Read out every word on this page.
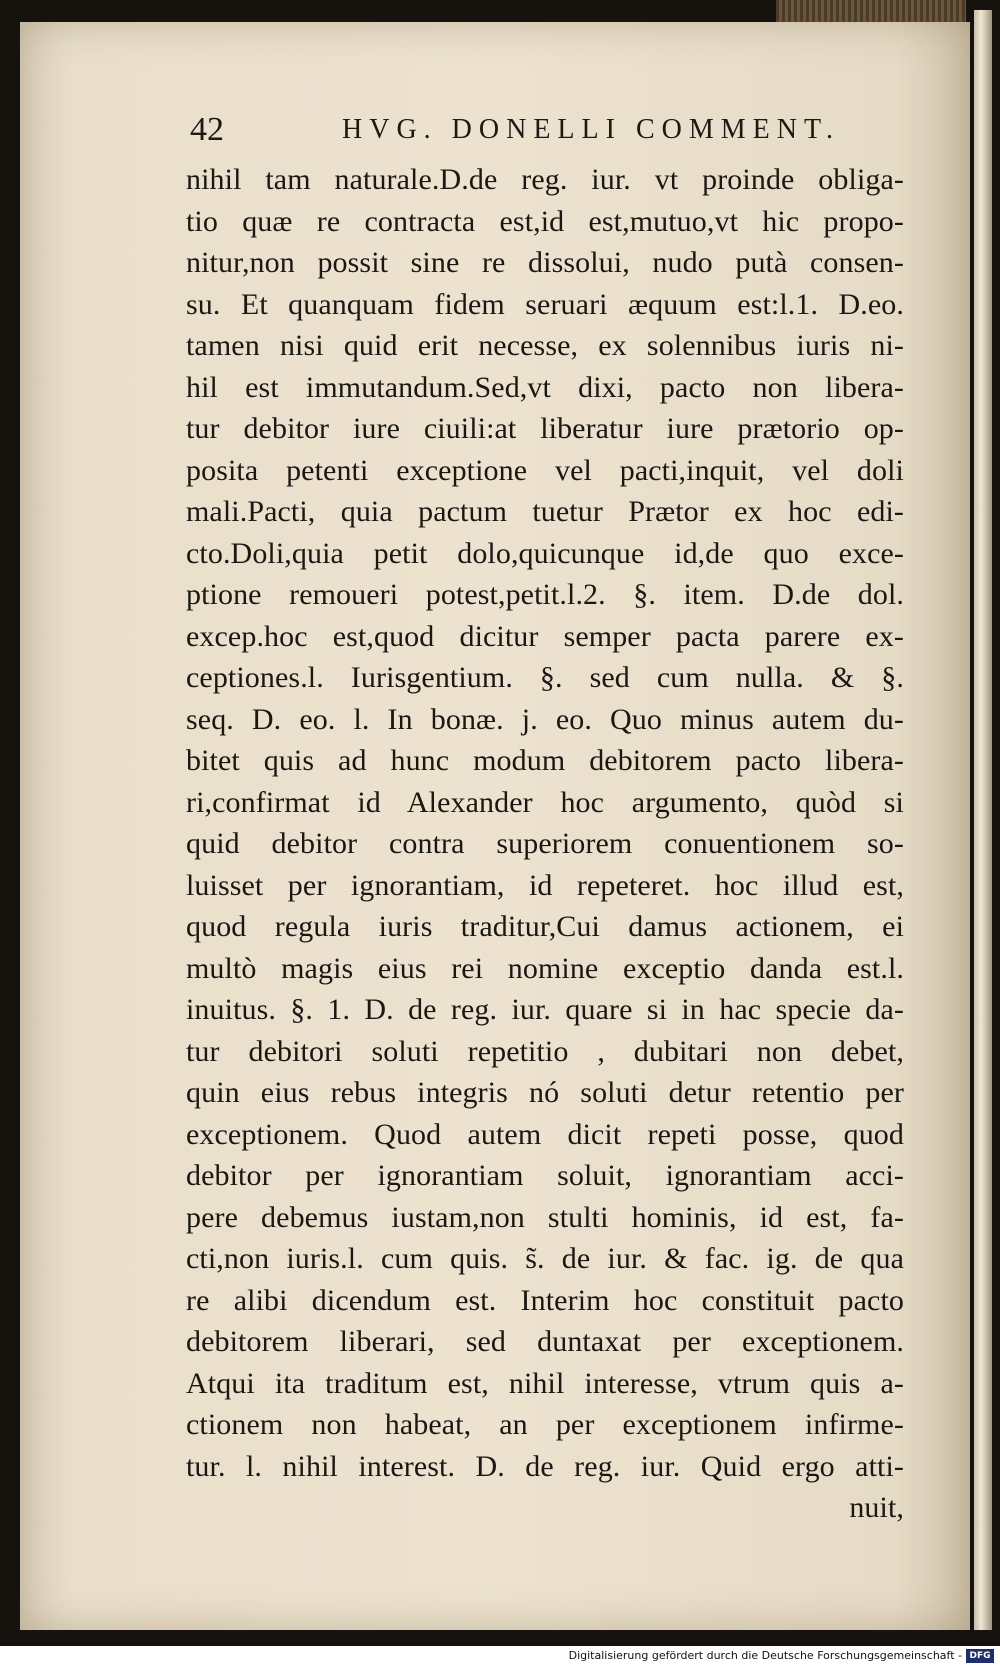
42	HVG. DONELLI COMMENT.
nihil tam naturale.D.de reg. iur. vt proinde obliga-
tio quæ re contracta est,id est,mutuo,vt hic propo-
nitur,non possit sine re dissolui, nudo putà consen-
su. Et quanquam fidem seruari æquum est:l.1. D.eo.
tamen nisi quid erit necesse, ex solennibus iuris ni-
hil est immutandum.Sed,vt dixi, pacto non libera-
tur debitor iure ciuili:at liberatur iure prætorio op-
posita petenti exceptione vel pacti,inquit, vel doli
mali.Pacti, quia pactum tuetur Prætor ex hoc edi-
cto.Doli,quia petit dolo,quicunque id,de quo exce-
ptione remoueri potest,petit.l.2. §. item. D.de dol.
excep.hoc est,quod dicitur semper pacta parere ex-
ceptiones.l. Iurisgentium. §. sed cum nulla. & §.
seq. D. eo. l. In bonæ. ј. eo. Quo minus autem du-
bitet quis ad hunc modum debitorem pacto libera-
ri,confirmat id Alexander hoc argumento, quòd si
quid debitor contra superiorem conuentionem so-
luisset per ignorantiam, id repeteret. hoc illud est,
quod regula iuris traditur,Cui damus actionem, ei
multò magis eius rei nomine exceptio danda est.l.
inuitus. §. 1. D. de reg. iur. quare si in hac specie da-
tur debitori soluti repetitio , dubitari non debet,
quin eius rebus integris nó soluti detur retentio per
exceptionem. Quod autem dicit repeti posse, quod
debitor per ignorantiam soluit, ignorantiam acci-
pere debemus iustam,non stulti hominis, id est, fa-
cti,non iuris.l. cum quis. s̃. de iur. & fac. ig. de qua
re alibi dicendum est. Interim hoc constituit pacto
debitorem liberari, sed duntaxat per exceptionem.
Atqui ita traditum est, nihil interesse, vtrum quis a-
ctionem non habeat, an per exceptionem infirme-
tur. l. nihil interest. D. de reg. iur. Quid ergo atti-
nuit,
Digitalisierung gefördert durch die Deutsche Forschungsgemeinschaft - DFG
